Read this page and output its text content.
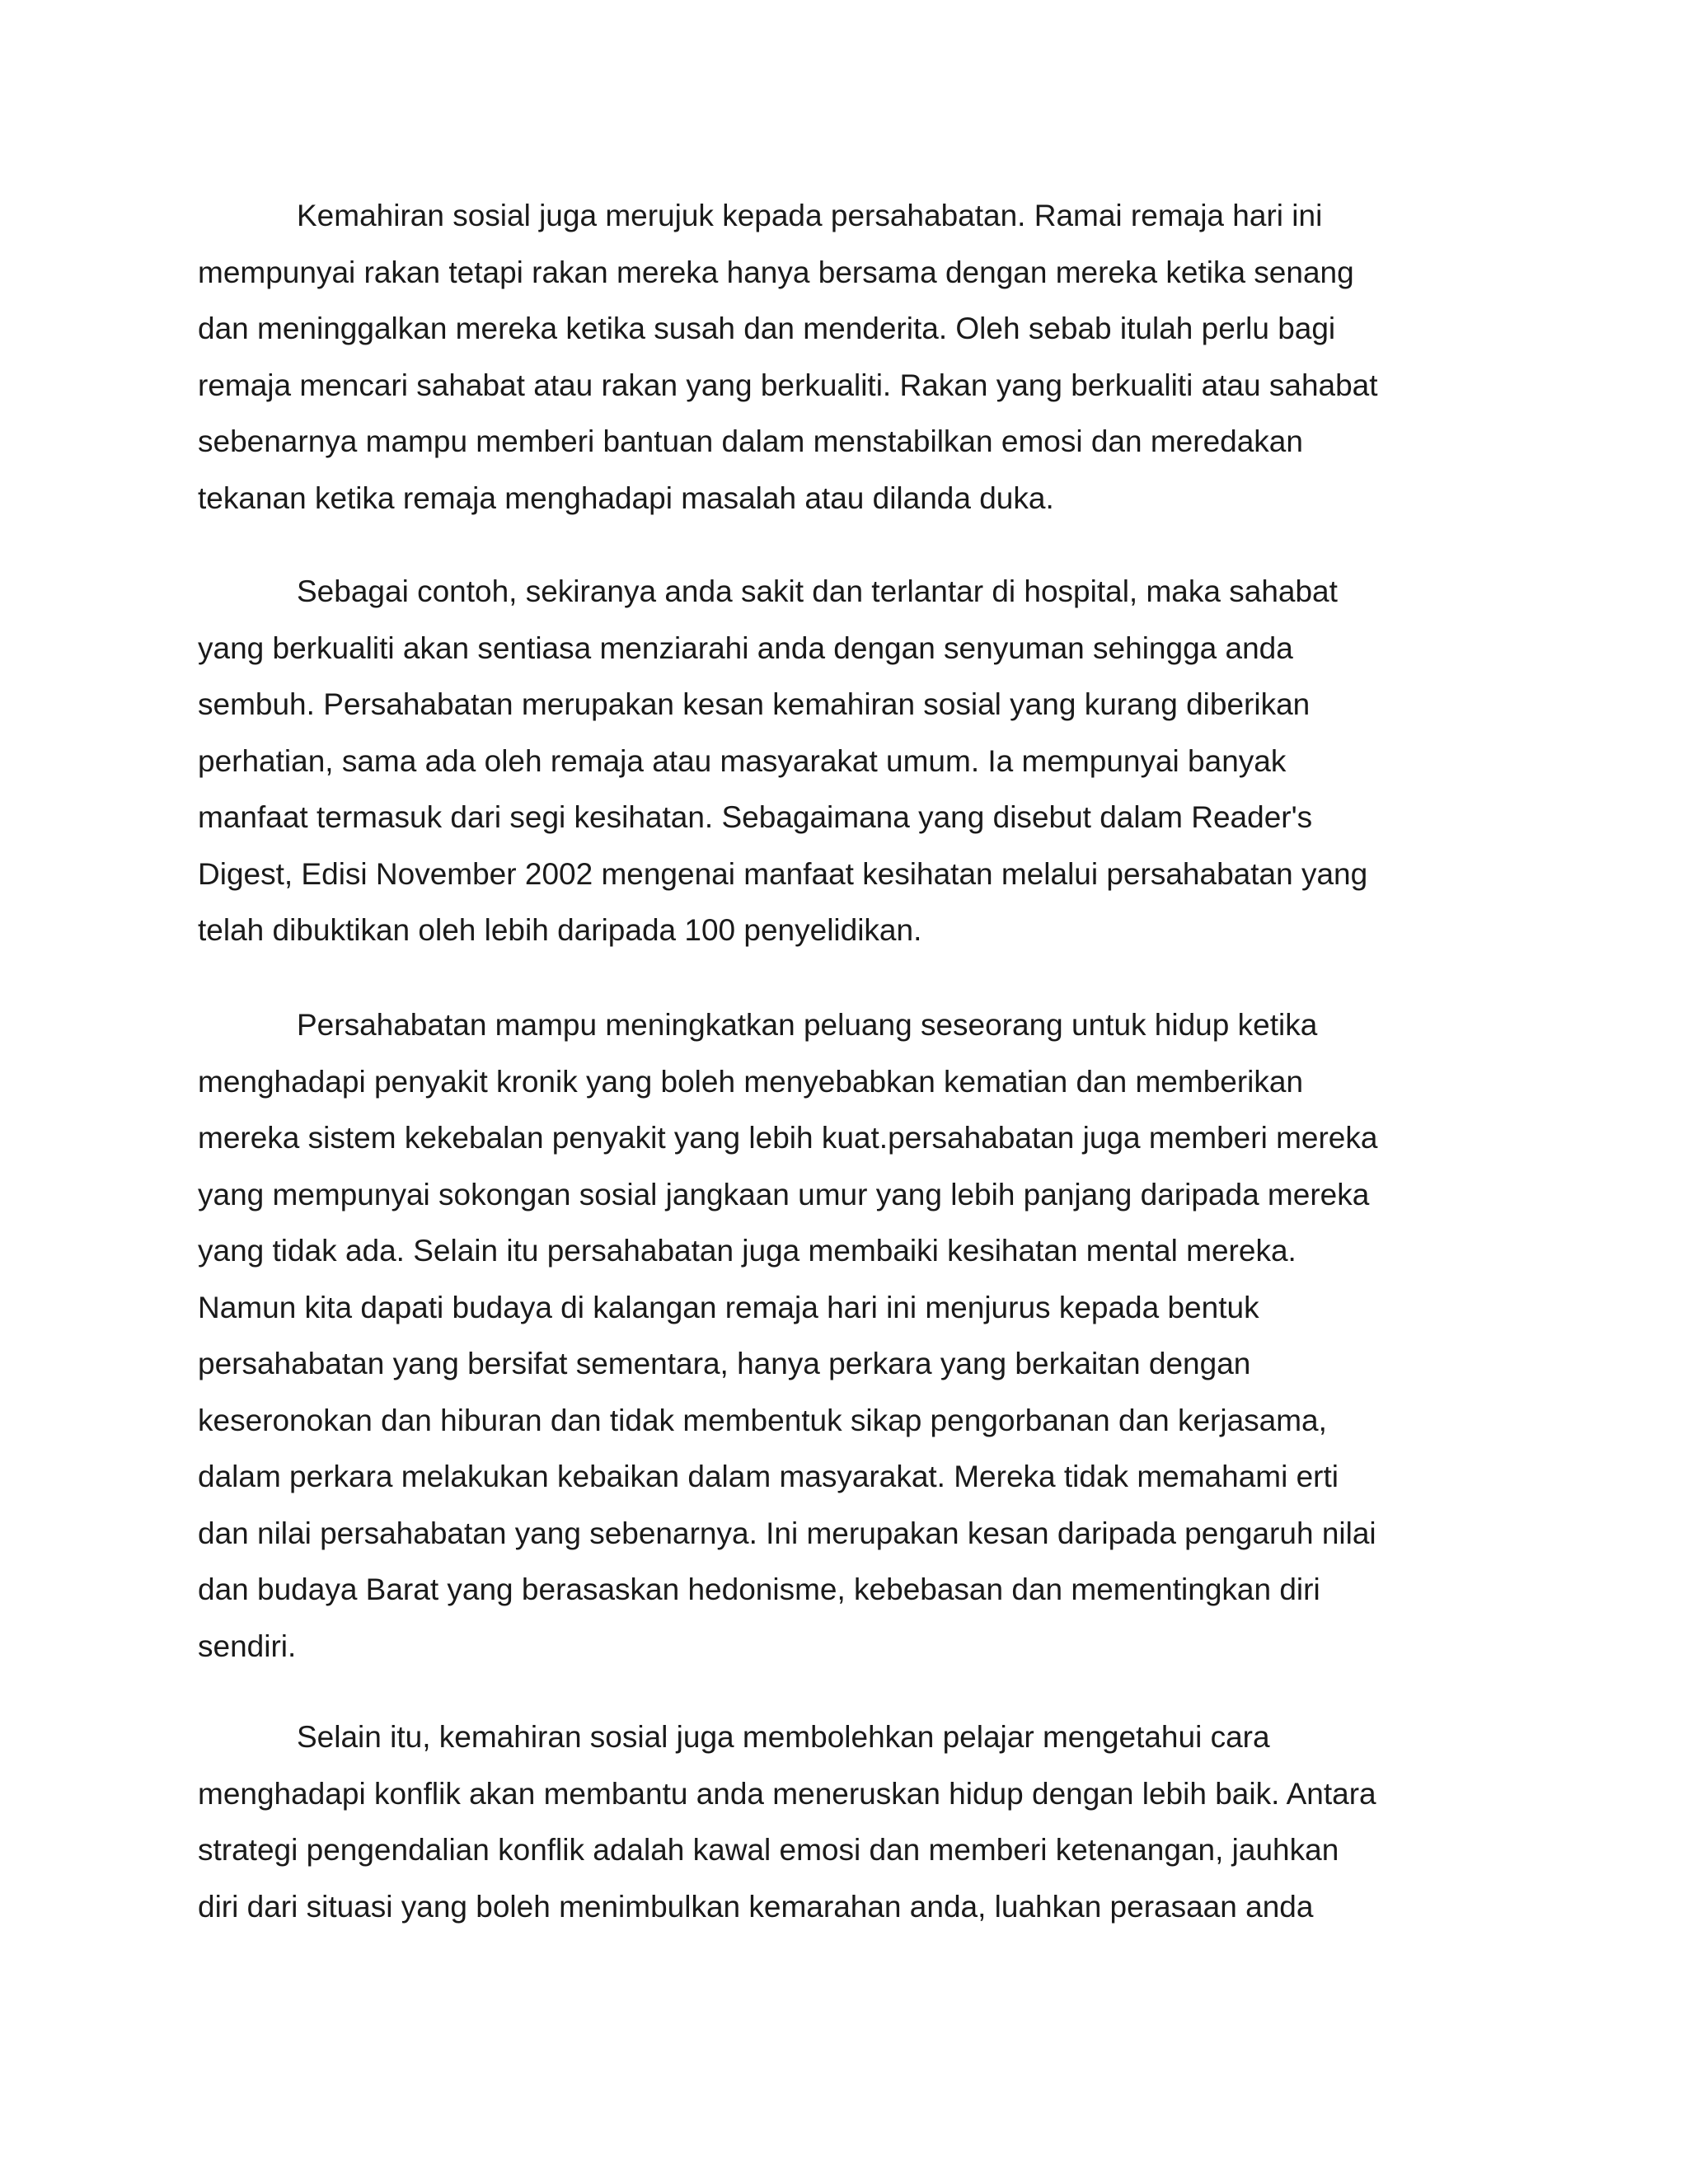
Kemahiran sosial juga merujuk kepada persahabatan. Ramai remaja hari ini
mempunyai rakan tetapi rakan mereka hanya bersama dengan mereka ketika senang
dan meninggalkan mereka ketika susah dan menderita. Oleh sebab itulah perlu bagi
remaja mencari sahabat atau rakan yang berkualiti. Rakan yang berkualiti atau sahabat
sebenarnya mampu memberi bantuan dalam menstabilkan emosi dan meredakan
tekanan ketika remaja menghadapi masalah atau dilanda duka.

Sebagai contoh, sekiranya anda sakit dan terlantar di hospital, maka sahabat
yang berkualiti akan sentiasa menziarahi anda dengan senyuman sehingga anda
sembuh. Persahabatan merupakan kesan kemahiran sosial yang kurang diberikan
perhatian, sama ada oleh remaja atau masyarakat umum. Ia mempunyai banyak
manfaat termasuk dari segi kesihatan. Sebagaimana yang disebut dalam Reader's
Digest, Edisi November 2002 mengenai manfaat kesihatan melalui persahabatan yang
telah dibuktikan oleh lebih daripada 100 penyelidikan.

Persahabatan mampu meningkatkan peluang seseorang untuk hidup ketika
menghadapi penyakit kronik yang boleh menyebabkan kematian dan memberikan
mereka sistem kekebalan penyakit yang lebih kuat.persahabatan juga memberi mereka
yang mempunyai sokongan sosial jangkaan umur yang lebih panjang daripada mereka
yang tidak ada. Selain itu persahabatan juga membaiki kesihatan mental mereka.
Namun kita dapati budaya di kalangan remaja hari ini menjurus kepada bentuk
persahabatan yang bersifat sementara, hanya perkara yang berkaitan dengan
keseronokan dan hiburan dan tidak membentuk sikap pengorbanan dan kerjasama,
dalam perkara melakukan kebaikan dalam masyarakat. Mereka tidak memahami erti
dan nilai persahabatan yang sebenarnya. Ini merupakan kesan daripada pengaruh nilai
dan budaya Barat yang berasaskan hedonisme, kebebasan dan mementingkan diri
sendiri.

Selain itu, kemahiran sosial juga membolehkan pelajar mengetahui cara
menghadapi konflik akan membantu anda meneruskan hidup dengan lebih baik. Antara
strategi pengendalian konflik adalah kawal emosi dan memberi ketenangan, jauhkan
diri dari situasi yang boleh menimbulkan kemarahan anda, luahkan perasaan anda
